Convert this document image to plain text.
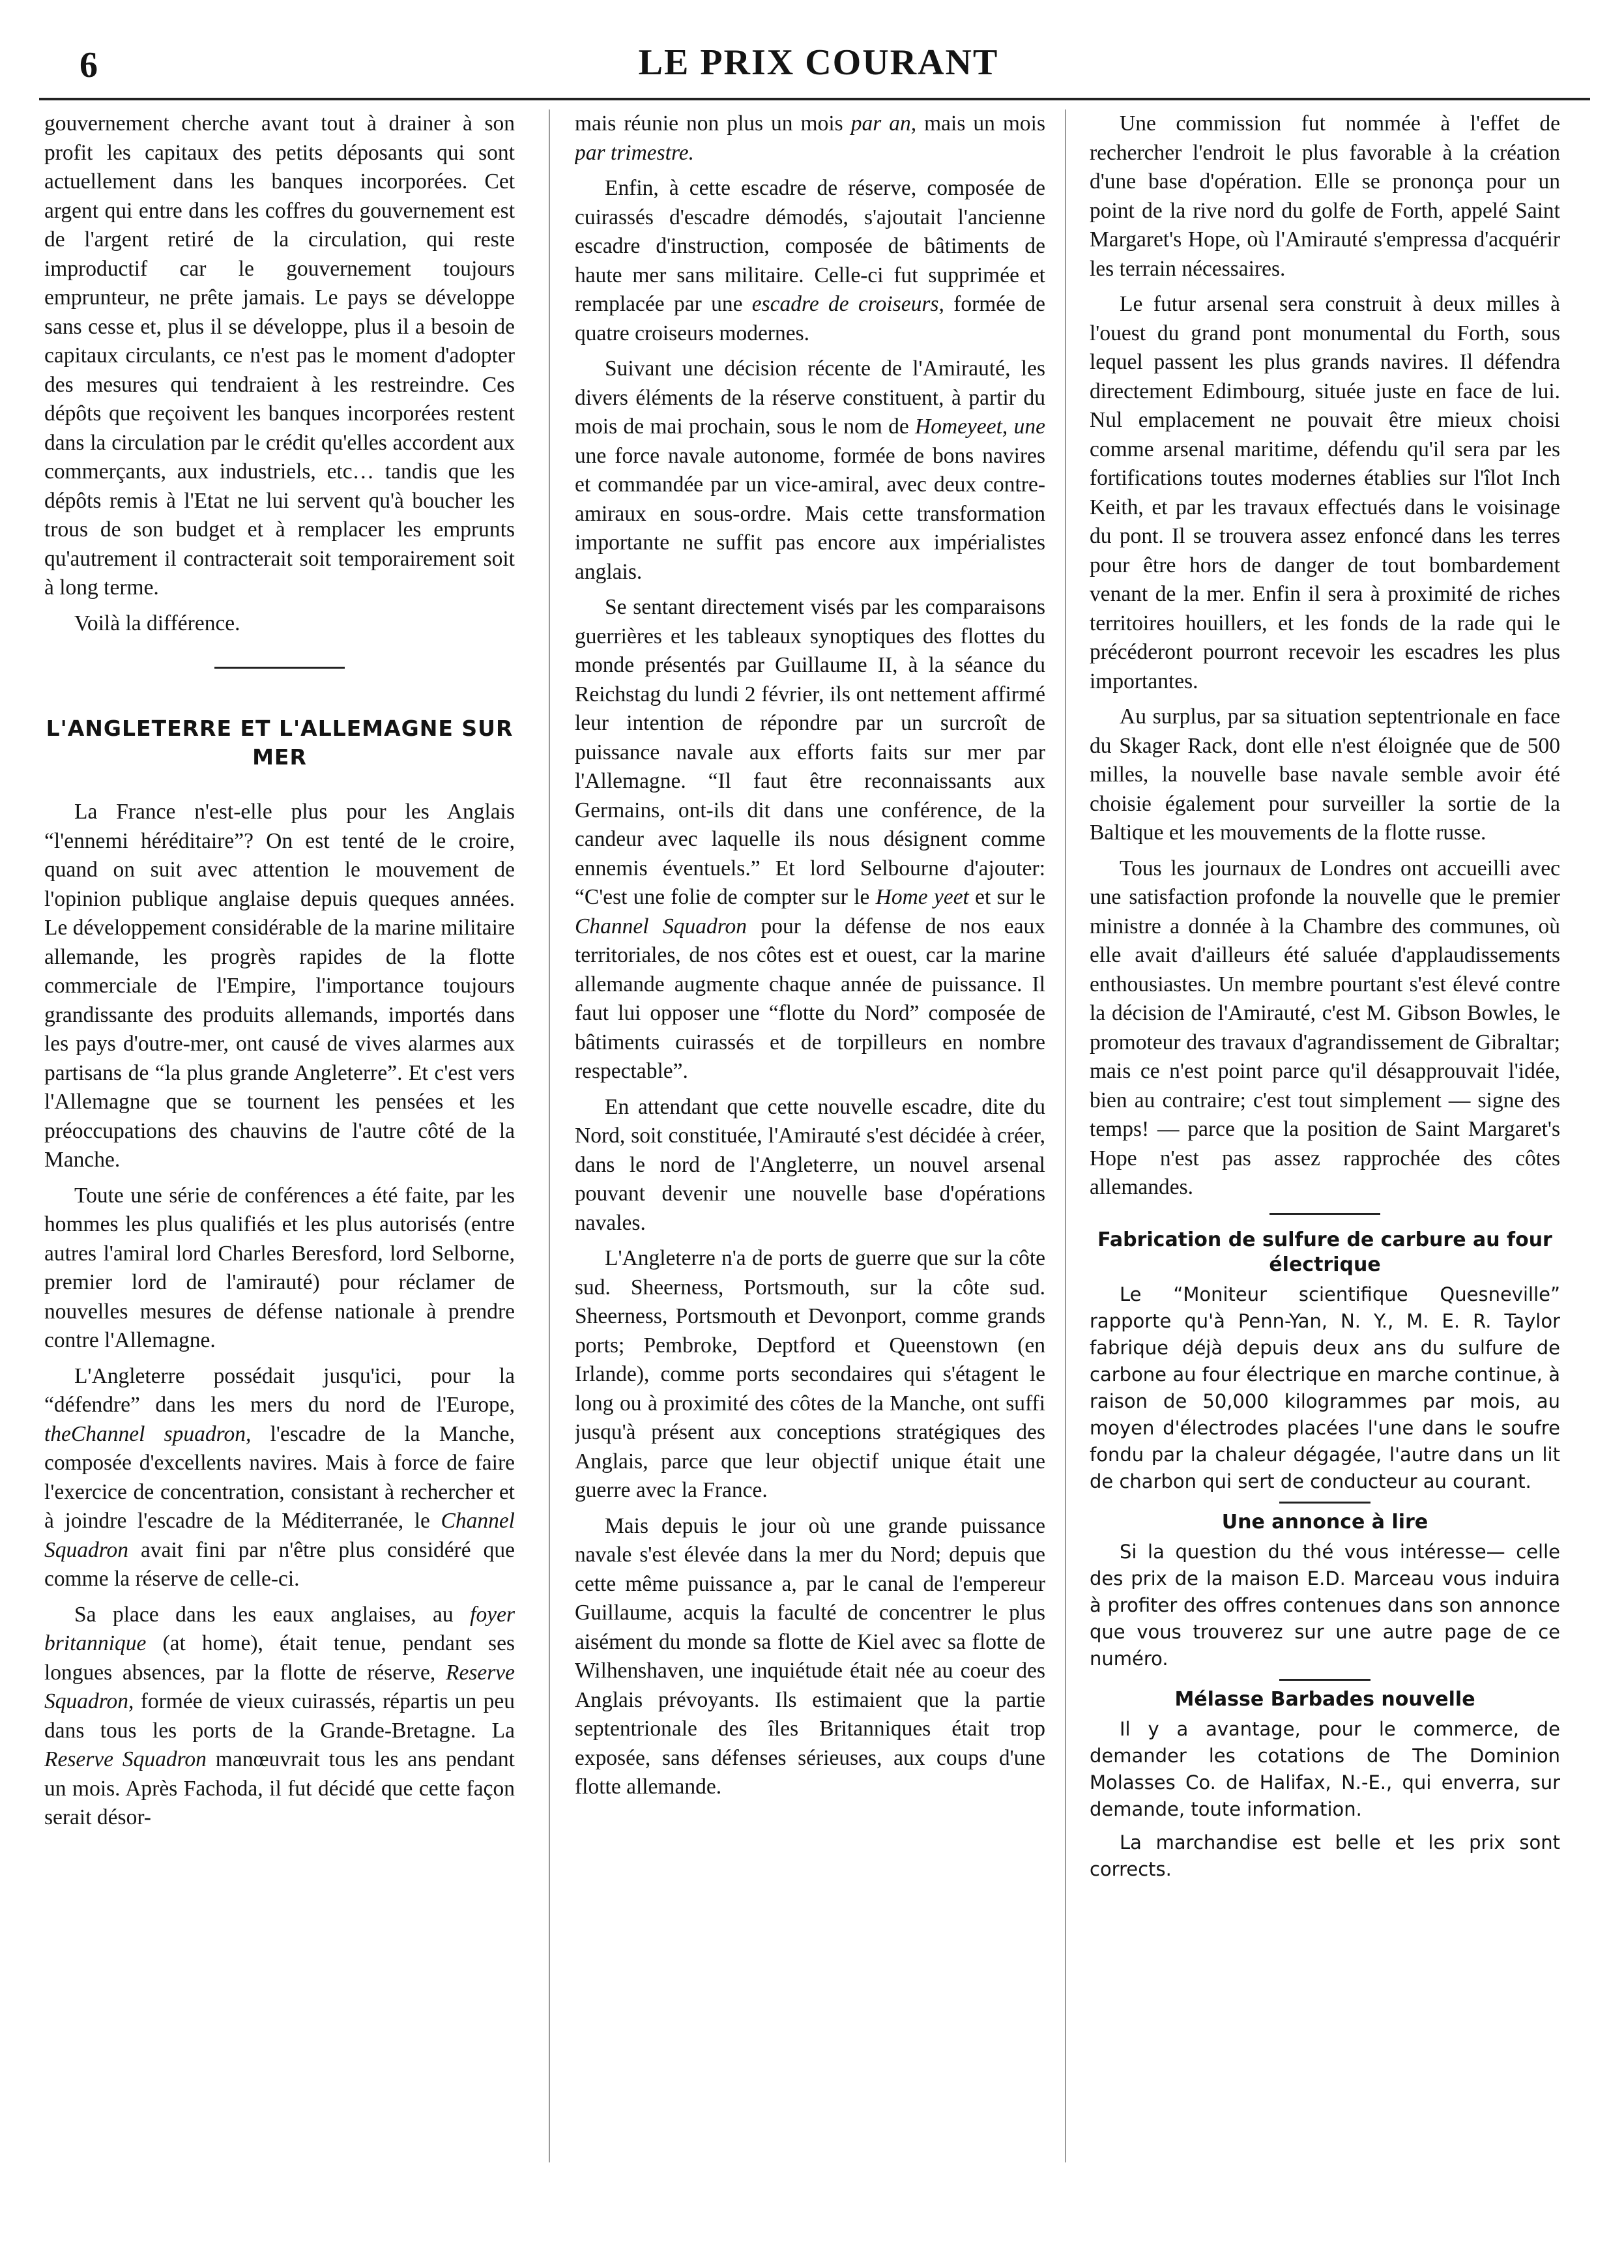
6	LE PRIX COURANT

gouvernement cherche avant tout à drainer à son profit les capitaux des petits déposants qui sont actuellement dans les banques incorporées. Cet argent qui entre dans les coffres du gouvernement est de l'argent retiré de la circulation, qui reste improductif car le gouvernement toujours emprunteur, ne prête jamais. Le pays se développe sans cesse et, plus il se développe, plus il a besoin de capitaux circulants, ce n'est pas le moment d'adopter des mesures qui tendraient à les restreindre. Ces dépôts que reçoivent les banques incorporées restent dans la circulation par le crédit qu'elles accordent aux commerçants, aux industriels, etc… tandis que les dépôts remis à l'Etat ne lui servent qu'à boucher les trous de son budget et à remplacer les emprunts qu'autrement il contracterait soit temporairement soit à long terme.

Voilà la différence.

L'ANGLETERRE ET L'ALLEMAGNE SUR MER

La France n'est-elle plus pour les Anglais “l'ennemi héréditaire”? On est tenté de le croire, quand on suit avec attention le mouvement de l'opinion publique anglaise depuis queques années. Le développement considérable de la marine militaire allemande, les progrès rapides de la flotte commerciale de l'Empire, l'importance toujours grandissante des produits allemands, importés dans les pays d'outre-mer, ont causé de vives alarmes aux partisans de “la plus grande Angleterre”. Et c'est vers l'Allemagne que se tournent les pensées et les préoccupations des chauvins de l'autre côté de la Manche.

Toute une série de conférences a été faite, par les hommes les plus qualifiés et les plus autorisés (entre autres l'amiral lord Charles Beresford, lord Selborne, premier lord de l'amirauté) pour réclamer de nouvelles mesures de défense nationale à prendre contre l'Allemagne.

L'Angleterre possédait jusqu'ici, pour la “défendre” dans les mers du nord de l'Europe, theChannel spuadron, l'escadre de la Manche, composée d'excellents navires. Mais à force de faire l'exercice de concentration, consistant à rechercher et à joindre l'escadre de la Méditerranée, le Channel Squadron avait fini par n'être plus considéré que comme la réserve de celle-ci.

Sa place dans les eaux anglaises, au foyer britannique (at home), était tenue, pendant ses longues absences, par la flotte de réserve, Reserve Squadron, formée de vieux cuirassés, répartis un peu dans tous les ports de la Grande-Bretagne. La Reserve Squadron manœuvrait tous les ans pendant un mois. Après Fachoda, il fut décidé que cette façon serait désor-

mais réunie non plus un mois par an, mais un mois par trimestre.

Enfin, à cette escadre de réserve, composée de cuirassés d'escadre démodés, s'ajoutait l'ancienne escadre d'instruction, composée de bâtiments de haute mer sans militaire. Celle-ci fut supprimée et remplacée par une escadre de croiseurs, formée de quatre croiseurs modernes.

Suivant une décision récente de l'Amirauté, les divers éléments de la réserve constituent, à partir du mois de mai prochain, sous le nom de Homeyeet, une une force navale autonome, formée de bons navires et commandée par un vice-amiral, avec deux contre-amiraux en sous-ordre. Mais cette transformation importante ne suffit pas encore aux impérialistes anglais.

Se sentant directement visés par les comparaisons guerrières et les tableaux synoptiques des flottes du monde présentés par Guillaume II, à la séance du Reichstag du lundi 2 février, ils ont nettement affirmé leur intention de répondre par un surcroît de puissance navale aux efforts faits sur mer par l'Allemagne. “Il faut être reconnaissants aux Germains, ont-ils dit dans une conférence, de la candeur avec laquelle ils nous désignent comme ennemis éventuels.” Et lord Selbourne d'ajouter: “C'est une folie de compter sur le Home yeet et sur le Channel Squadron pour la défense de nos eaux territoriales, de nos côtes est et ouest, car la marine allemande augmente chaque année de puissance. Il faut lui opposer une “flotte du Nord” composée de bâtiments cuirassés et de torpilleurs en nombre respectable”.

En attendant que cette nouvelle escadre, dite du Nord, soit constituée, l'Amirauté s'est décidée à créer, dans le nord de l'Angleterre, un nouvel arsenal pouvant devenir une nouvelle base d'opérations navales.

L'Angleterre n'a de ports de guerre que sur la côte sud. Sheerness, Portsmouth, sur la côte sud. Sheerness, Portsmouth et Devonport, comme grands ports; Pembroke, Deptford et Queenstown (en Irlande), comme ports secondaires qui s'étagent le long ou à proximité des côtes de la Manche, ont suffi jusqu'à présent aux conceptions stratégiques des Anglais, parce que leur objectif unique était une guerre avec la France.

Mais depuis le jour où une grande puissance navale s'est élevée dans la mer du Nord; depuis que cette même puissance a, par le canal de l'empereur Guillaume, acquis la faculté de concentrer le plus aisément du monde sa flotte de Kiel avec sa flotte de Wilhenshaven, une inquiétude était née au coeur des Anglais prévoyants. Ils estimaient que la partie septentrionale des îles Britanniques était trop exposée, sans défenses sérieuses, aux coups d'une flotte allemande.

Une commission fut nommée à l'effet de rechercher l'endroit le plus favorable à la création d'une base d'opération. Elle se prononça pour un point de la rive nord du golfe de Forth, appelé Saint Margaret's Hope, où l'Amirauté s'empressa d'acquérir les terrain nécessaires.

Le futur arsenal sera construit à deux milles à l'ouest du grand pont monumental du Forth, sous lequel passent les plus grands navires. Il défendra directement Edimbourg, située juste en face de lui. Nul emplacement ne pouvait être mieux choisi comme arsenal maritime, défendu qu'il sera par les fortifications toutes modernes établies sur l'îlot Inch Keith, et par les travaux effectués dans le voisinage du pont. Il se trouvera assez enfoncé dans les terres pour être hors de danger de tout bombardement venant de la mer. Enfin il sera à proximité de riches territoires houillers, et les fonds de la rade qui le précéderont pourront recevoir les escadres les plus importantes.

Au surplus, par sa situation septentrionale en face du Skager Rack, dont elle n'est éloignée que de 500 milles, la nouvelle base navale semble avoir été choisie également pour surveiller la sortie de la Baltique et les mouvements de la flotte russe.

Tous les journaux de Londres ont accueilli avec une satisfaction profonde la nouvelle que le premier ministre a donnée à la Chambre des communes, où elle avait d'ailleurs été saluée d'applaudissements enthousiastes. Un membre pourtant s'est élevé contre la décision de l'Amirauté, c'est M. Gibson Bowles, le promoteur des travaux d'agrandissement de Gibraltar; mais ce n'est point parce qu'il désapprouvait l'idée, bien au contraire; c'est tout simplement — signe des temps! — parce que la position de Saint Margaret's Hope n'est pas assez rapprochée des côtes allemandes.

Fabrication de sulfure de carbure au four électrique

Le “Moniteur scientifique Quesneville” rapporte qu'à Penn-Yan, N. Y., M. E. R. Taylor fabrique déjà depuis deux ans du sulfure de carbone au four électrique en marche continue, à raison de 50,000 kilogrammes par mois, au moyen d'électrodes placées l'une dans le soufre fondu par la chaleur dégagée, l'autre dans un lit de charbon qui sert de conducteur au courant.

Une annonce à lire

Si la question du thé vous intéresse— celle des prix de la maison E.D. Marceau vous induira à profiter des offres contenues dans son annonce que vous trouverez sur une autre page de ce numéro.

Mélasse Barbades nouvelle

Il y a avantage, pour le commerce, de demander les cotations de The Dominion Molasses Co. de Halifax, N.-E., qui enverra, sur demande, toute information.

La marchandise est belle et les prix sont corrects.
